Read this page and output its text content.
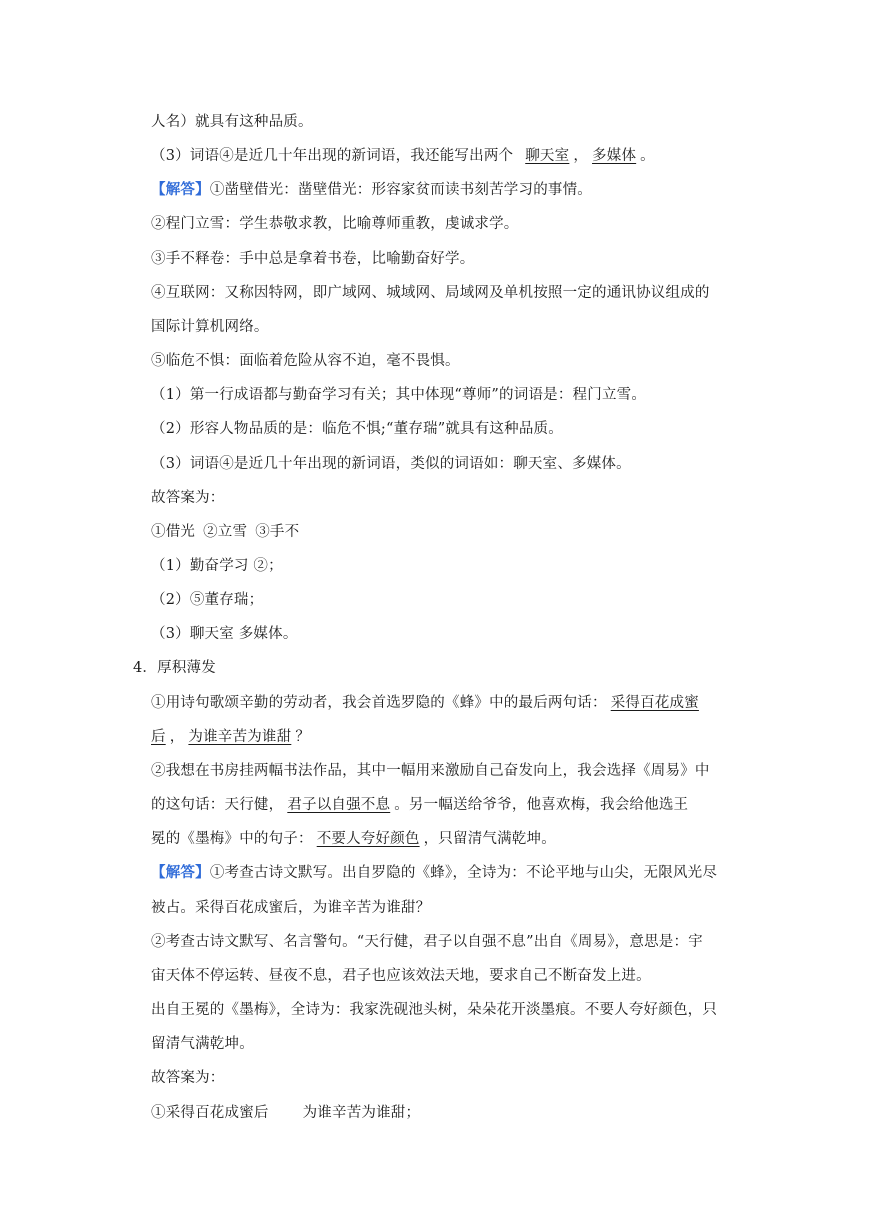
人名）就具有这种品质。
（3）词语④是近几十年出现的新词语，我还能写出两个 聊天室 ， 多媒体 。
【解答】①凿壁借光：凿壁借光：形容家贫而读书刻苦学习的事情。
②程门立雪：学生恭敬求教，比喻尊师重教，虔诚求学。
③手不释卷：手中总是拿着书卷，比喻勤奋好学。
④互联网：又称因特网，即广域网、城域网、局域网及单机按照一定的通讯协议组成的
国际计算机网络。
⑤临危不惧：面临着危险从容不迫，毫不畏惧。
（1）第一行成语都与勤奋学习有关；其中体现“尊师”的词语是：程门立雪。
（2）形容人物品质的是：临危不惧;“董存瑞”就具有这种品质。
（3）词语④是近几十年出现的新词语，类似的词语如：聊天室、多媒体。
故答案为：
①借光 ②立雪 ③手不
（1）勤奋学习 ②；
（2）⑤董存瑞；
（3）聊天室 多媒体。
4．厚积薄发
①用诗句歌颂辛勤的劳动者，我会首选罗隐的《蜂》中的最后两句话： 采得百花成蜜
后 ， 为谁辛苦为谁甜 ？
②我想在书房挂两幅书法作品，其中一幅用来激励自己奋发向上，我会选择《周易》中
的这句话：天行健， 君子以自强不息 。另一幅送给爷爷，他喜欢梅，我会给他选王
冕的《墨梅》中的句子： 不要人夸好颜色 ，只留清气满乾坤。
【解答】①考查古诗文默写。出自罗隐的《蜂》，全诗为：不论平地与山尖，无限风光尽
被占。采得百花成蜜后，为谁辛苦为谁甜？
②考查古诗文默写、名言警句。“天行健，君子以自强不息”出自《周易》，意思是：宇
宙天体不停运转、昼夜不息，君子也应该效法天地，要求自己不断奋发上进。
出自王冕的《墨梅》，全诗为：我家洗砚池头树，朵朵花开淡墨痕。不要人夸好颜色，只
留清气满乾坤。
故答案为：
①采得百花成蜜后 为谁辛苦为谁甜；
